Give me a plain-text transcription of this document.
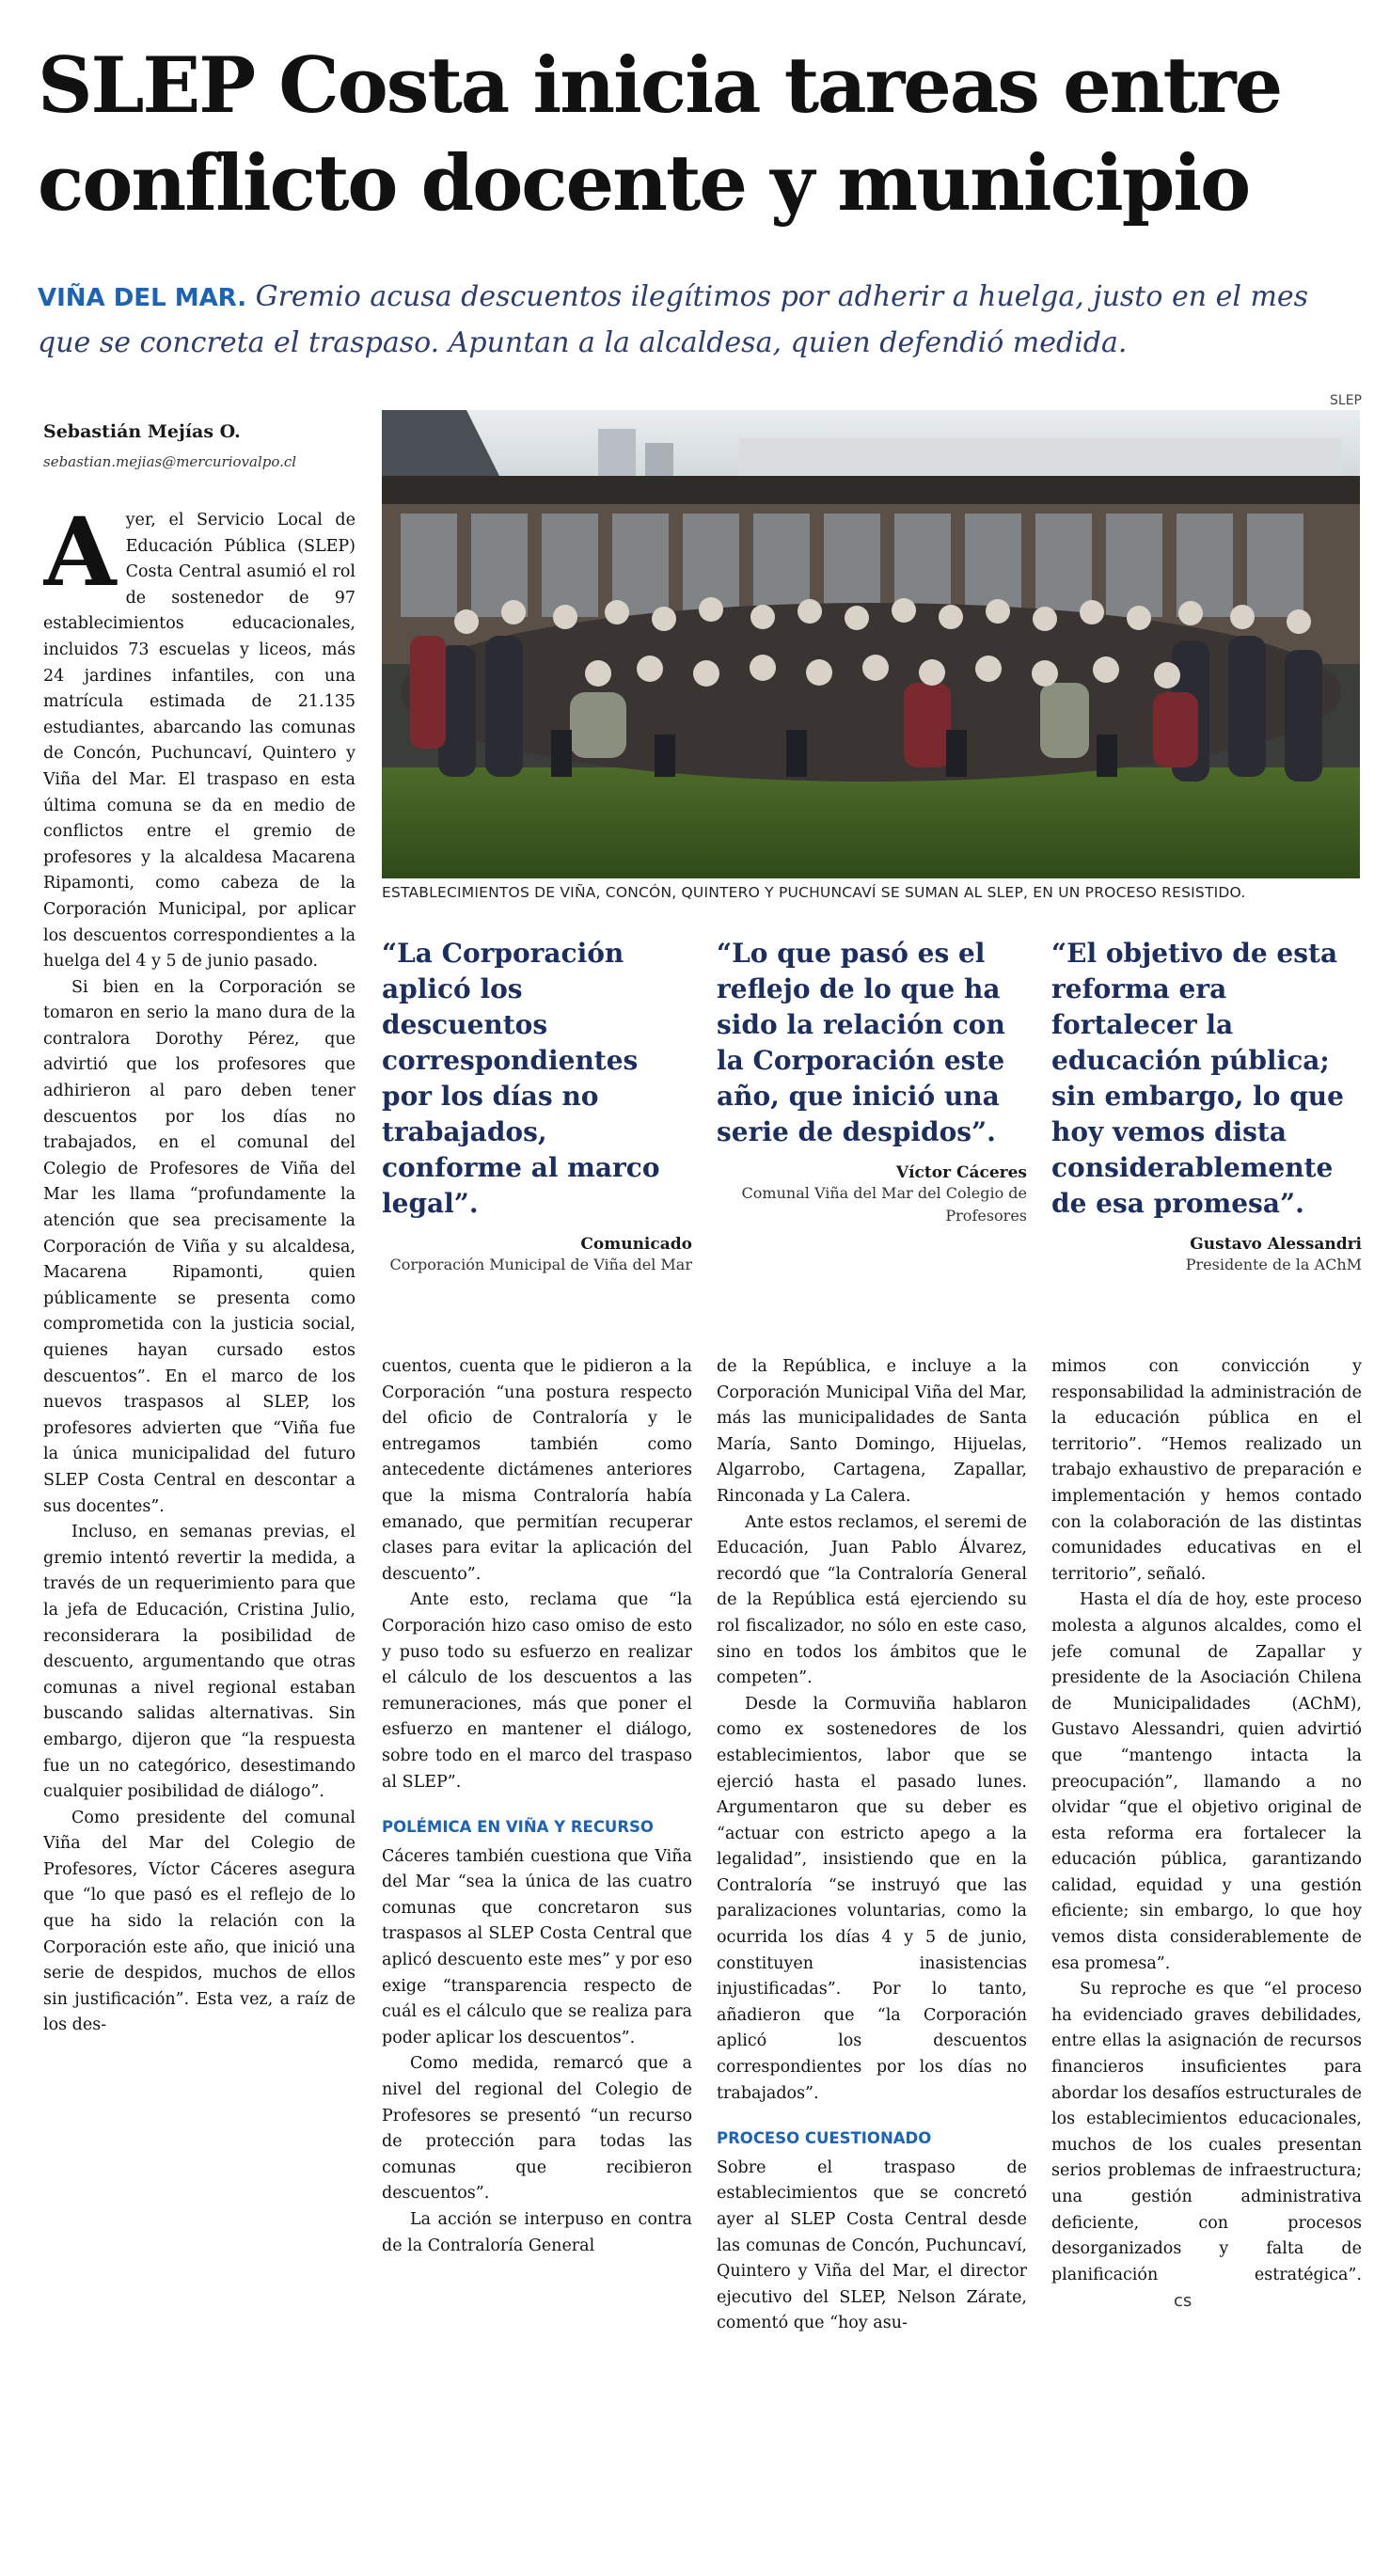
SLEP Costa inicia tareas entre
conflicto docente y municipio
VIÑA DEL MAR. Gremio acusa descuentos ilegítimos por adherir a huelga, justo en el mes que se concreta el traspaso. Apuntan a la alcaldesa, quien defendió medida.
Sebastián Mejías O.
sebastian.mejias@mercuriovalpo.cl
SLEP
ESTABLECIMIENTOS DE VIÑA, CONCÓN, QUINTERO Y PUCHUNCAVÍ SE SUMAN AL SLEP, EN UN PROCESO RESISTIDO.
“La Corporación aplicó los descuentos correspondientes por los días no trabajados, conforme al marco legal”.
Comunicado
Corporación Municipal de Viña del Mar
“Lo que pasó es el reflejo de lo que ha sido la relación con la Corporación este año, que inició una serie de despidos”.
Víctor Cáceres
Comunal Viña del Mar del Colegio de Profesores
“El objetivo de esta reforma era fortalecer la educación pública; sin embargo, lo que hoy vemos dista considerablemente de esa promesa”.
Gustavo Alessandri
Presidente de la AChM

Ayer, el Servicio Local de Educación Pública (SLEP) Costa Central asumió el rol de sostenedor de 97 establecimientos educacionales, incluidos 73 escuelas y liceos, más 24 jardines infantiles, con una matrícula estimada de 21.135 estudiantes, abarcando las comunas de Concón, Puchuncaví, Quintero y Viña del Mar. El traspaso en esta última comuna se da en medio de conflictos entre el gremio de profesores y la alcaldesa Macarena Ripamonti, como cabeza de la Corporación Municipal, por aplicar los descuentos correspondientes a la huelga del 4 y 5 de junio pasado.

Si bien en la Corporación se tomaron en serio la mano dura de la contralora Dorothy Pérez, que advirtió que los profesores que adhirieron al paro deben tener descuentos por los días no trabajados, en el comunal del Colegio de Profesores de Viña del Mar les llama “profundamente la atención que sea precisamente la Corporación de Viña y su alcaldesa, Macarena Ripamonti, quien públicamente se presenta como comprometida con la justicia social, quienes hayan cursado estos descuentos”. En el marco de los nuevos traspasos al SLEP, los profesores advierten que “Viña fue la única municipalidad del futuro SLEP Costa Central en descontar a sus docentes”.

Incluso, en semanas previas, el gremio intentó revertir la medida, a través de un requerimiento para que la jefa de Educación, Cristina Julio, reconsiderara la posibilidad de descuento, argumentando que otras comunas a nivel regional estaban buscando salidas alternativas. Sin embargo, dijeron que “la respuesta fue un no categórico, desestimando cualquier posibilidad de diálogo”.

Como presidente del comunal Viña del Mar del Colegio de Profesores, Víctor Cáceres asegura que “lo que pasó es el reflejo de lo que ha sido la relación con la Corporación este año, que inició una serie de despidos, muchos de ellos sin justificación”. Esta vez, a raíz de los des-

cuentos, cuenta que le pidieron a la Corporación “una postura respecto del oficio de Contraloría y le entregamos también como antecedente dictámenes anteriores que la misma Contraloría había emanado, que permitían recuperar clases para evitar la aplicación del descuento”.

Ante esto, reclama que “la Corporación hizo caso omiso de esto y puso todo su esfuerzo en realizar el cálculo de los descuentos a las remuneraciones, más que poner el esfuerzo en mantener el diálogo, sobre todo en el marco del traspaso al SLEP”.

POLÉMICA EN VIÑA Y RECURSO

Cáceres también cuestiona que Viña del Mar “sea la única de las cuatro comunas que concretaron sus traspasos al SLEP Costa Central que aplicó descuento este mes” y por eso exige “transparencia respecto de cuál es el cálculo que se realiza para poder aplicar los descuentos”.

Como medida, remarcó que a nivel del regional del Colegio de Profesores se presentó “un recurso de protección para todas las comunas que recibieron descuentos”.

La acción se interpuso en contra de la Contraloría General

de la República, e incluye a la Corporación Municipal Viña del Mar, más las municipalidades de Santa María, Santo Domingo, Hijuelas, Algarrobo, Cartagena, Zapallar, Rinconada y La Calera.

Ante estos reclamos, el seremi de Educación, Juan Pablo Álvarez, recordó que “la Contraloría General de la República está ejerciendo su rol fiscalizador, no sólo en este caso, sino en todos los ámbitos que le competen”.

Desde la Cormuviña hablaron como ex sostenedores de los establecimientos, labor que se ejerció hasta el pasado lunes. Argumentaron que su deber es “actuar con estricto apego a la legalidad”, insistiendo que en la Contraloría “se instruyó que las paralizaciones voluntarias, como la ocurrida los días 4 y 5 de junio, constituyen inasistencias injustificadas”. Por lo tanto, añadieron que “la Corporación aplicó los descuentos correspondientes por los días no trabajados”.

PROCESO CUESTIONADO

Sobre el traspaso de establecimientos que se concretó ayer al SLEP Costa Central desde las comunas de Concón, Puchuncaví, Quintero y Viña del Mar, el director ejecutivo del SLEP, Nelson Zárate, comentó que “hoy asu-

mimos con convicción y responsabilidad la administración de la educación pública en el territorio”. “Hemos realizado un trabajo exhaustivo de preparación e implementación y hemos contado con la colaboración de las distintas comunidades educativas en el territorio”, señaló.

Hasta el día de hoy, este proceso molesta a algunos alcaldes, como el jefe comunal de Zapallar y presidente de la Asociación Chilena de Municipalidades (AChM), Gustavo Alessandri, quien advirtió que “mantengo intacta la preocupación”, llamando a no olvidar “que el objetivo original de esta reforma era fortalecer la educación pública, garantizando calidad, equidad y una gestión eficiente; sin embargo, lo que hoy vemos dista considerablemente de esa promesa”.

Su reproche es que “el proceso ha evidenciado graves debilidades, entre ellas la asignación de recursos financieros insuficientes para abordar los desafíos estructurales de los establecimientos educacionales, muchos de los cuales presentan serios problemas de infraestructura; una gestión administrativa deficiente, con procesos desorganizados y falta de planificación estratégica”.cs
